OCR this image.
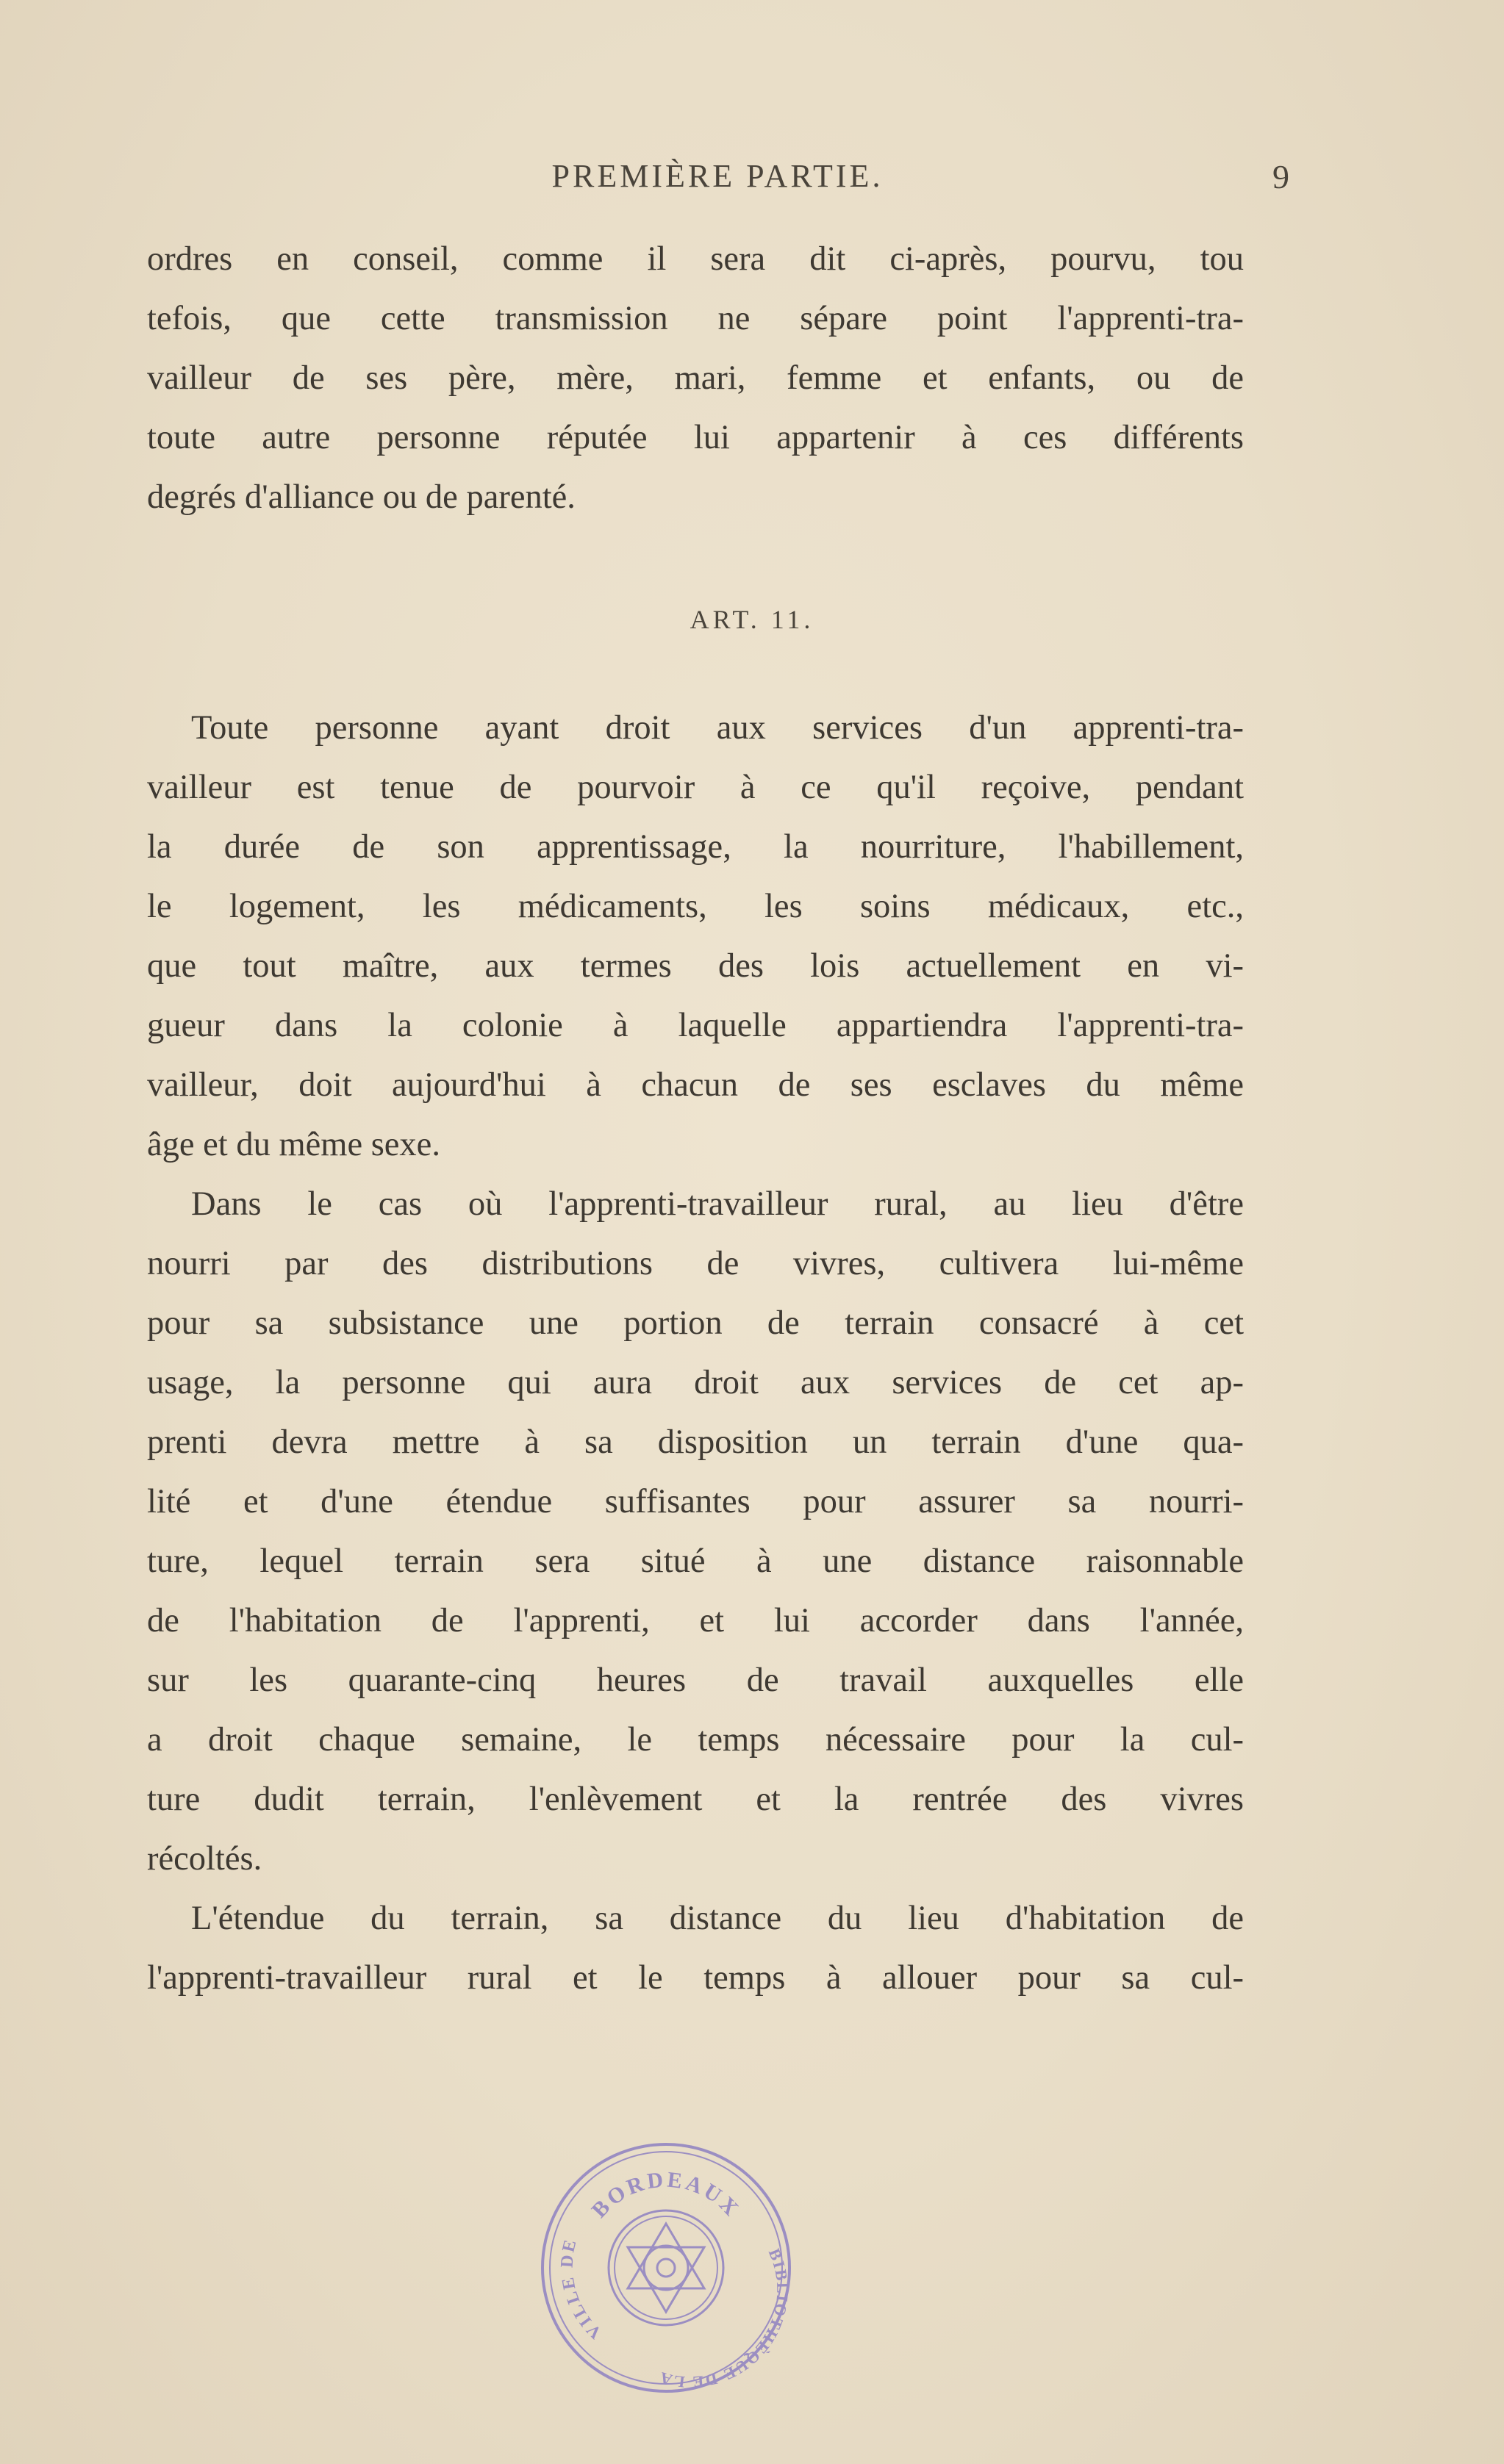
PREMIÈRE PARTIE.	9
ordres en conseil, comme il sera dit ci-après, pourvu, tou
tefois, que cette transmission ne sépare point l'apprenti-tra-
vailleur de ses père, mère, mari, femme et enfants, ou de
toute autre personne réputée lui appartenir à ces différents
degrés d'alliance ou de parenté.
ART. 11.
Toute personne ayant droit aux services d'un apprenti-tra-
vailleur est tenue de pourvoir à ce qu'il reçoive, pendant
la durée de son apprentissage, la nourriture, l'habillement,
le logement, les médicaments, les soins médicaux, etc.,
que tout maître, aux termes des lois actuellement en vi-
gueur dans la colonie à laquelle appartiendra l'apprenti-tra-
vailleur, doit aujourd'hui à chacun de ses esclaves du même
âge et du même sexe.
Dans le cas où l'apprenti-travailleur rural, au lieu d'être
nourri par des distributions de vivres, cultivera lui-même
pour sa subsistance une portion de terrain consacré à cet
usage, la personne qui aura droit aux services de cet ap-
prenti devra mettre à sa disposition un terrain d'une qua-
lité et d'une étendue suffisantes pour assurer sa nourri-
ture, lequel terrain sera situé à une distance raisonnable
de l'habitation de l'apprenti, et lui accorder dans l'année,
sur les quarante-cinq heures de travail auxquelles elle
a droit chaque semaine, le temps nécessaire pour la cul-
ture dudit terrain, l'enlèvement et la rentrée des vivres
récoltés.
L'étendue du terrain, sa distance du lieu d'habitation de
l'apprenti-travailleur rural et le temps à allouer pour sa cul-
BORDEAUX
VILLE DE
BIBLIOTHÈQUE DE LA
